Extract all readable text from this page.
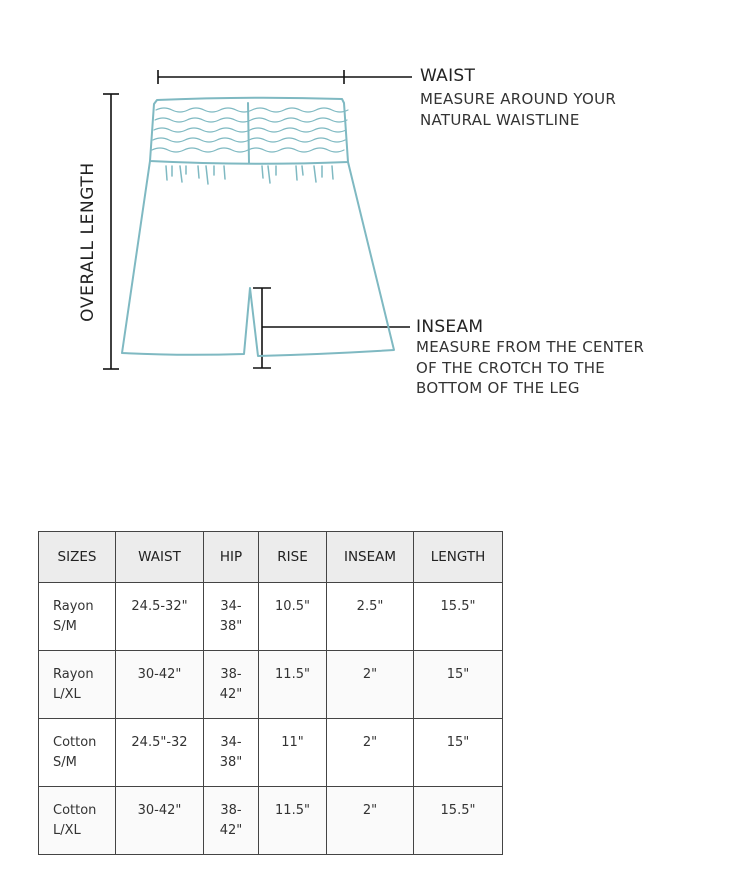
WAIST
MEASURE AROUND YOUR
NATURAL WAISTLINE
OVERALL LENGTH
INSEAM
MEASURE FROM THE CENTER
OF THE CROTCH TO THE
BOTTOM OF THE LEG
SIZES	WAIST	HIP	RISE	INSEAM	LENGTH
Rayon S/M	24.5-32"	34-38"	10.5"	2.5"	15.5"
Rayon L/XL	30-42"	38-42"	11.5"	2"	15"
Cotton S/M	24.5"-32	34-38"	11"	2"	15"
Cotton L/XL	30-42"	38-42"	11.5"	2"	15.5"
